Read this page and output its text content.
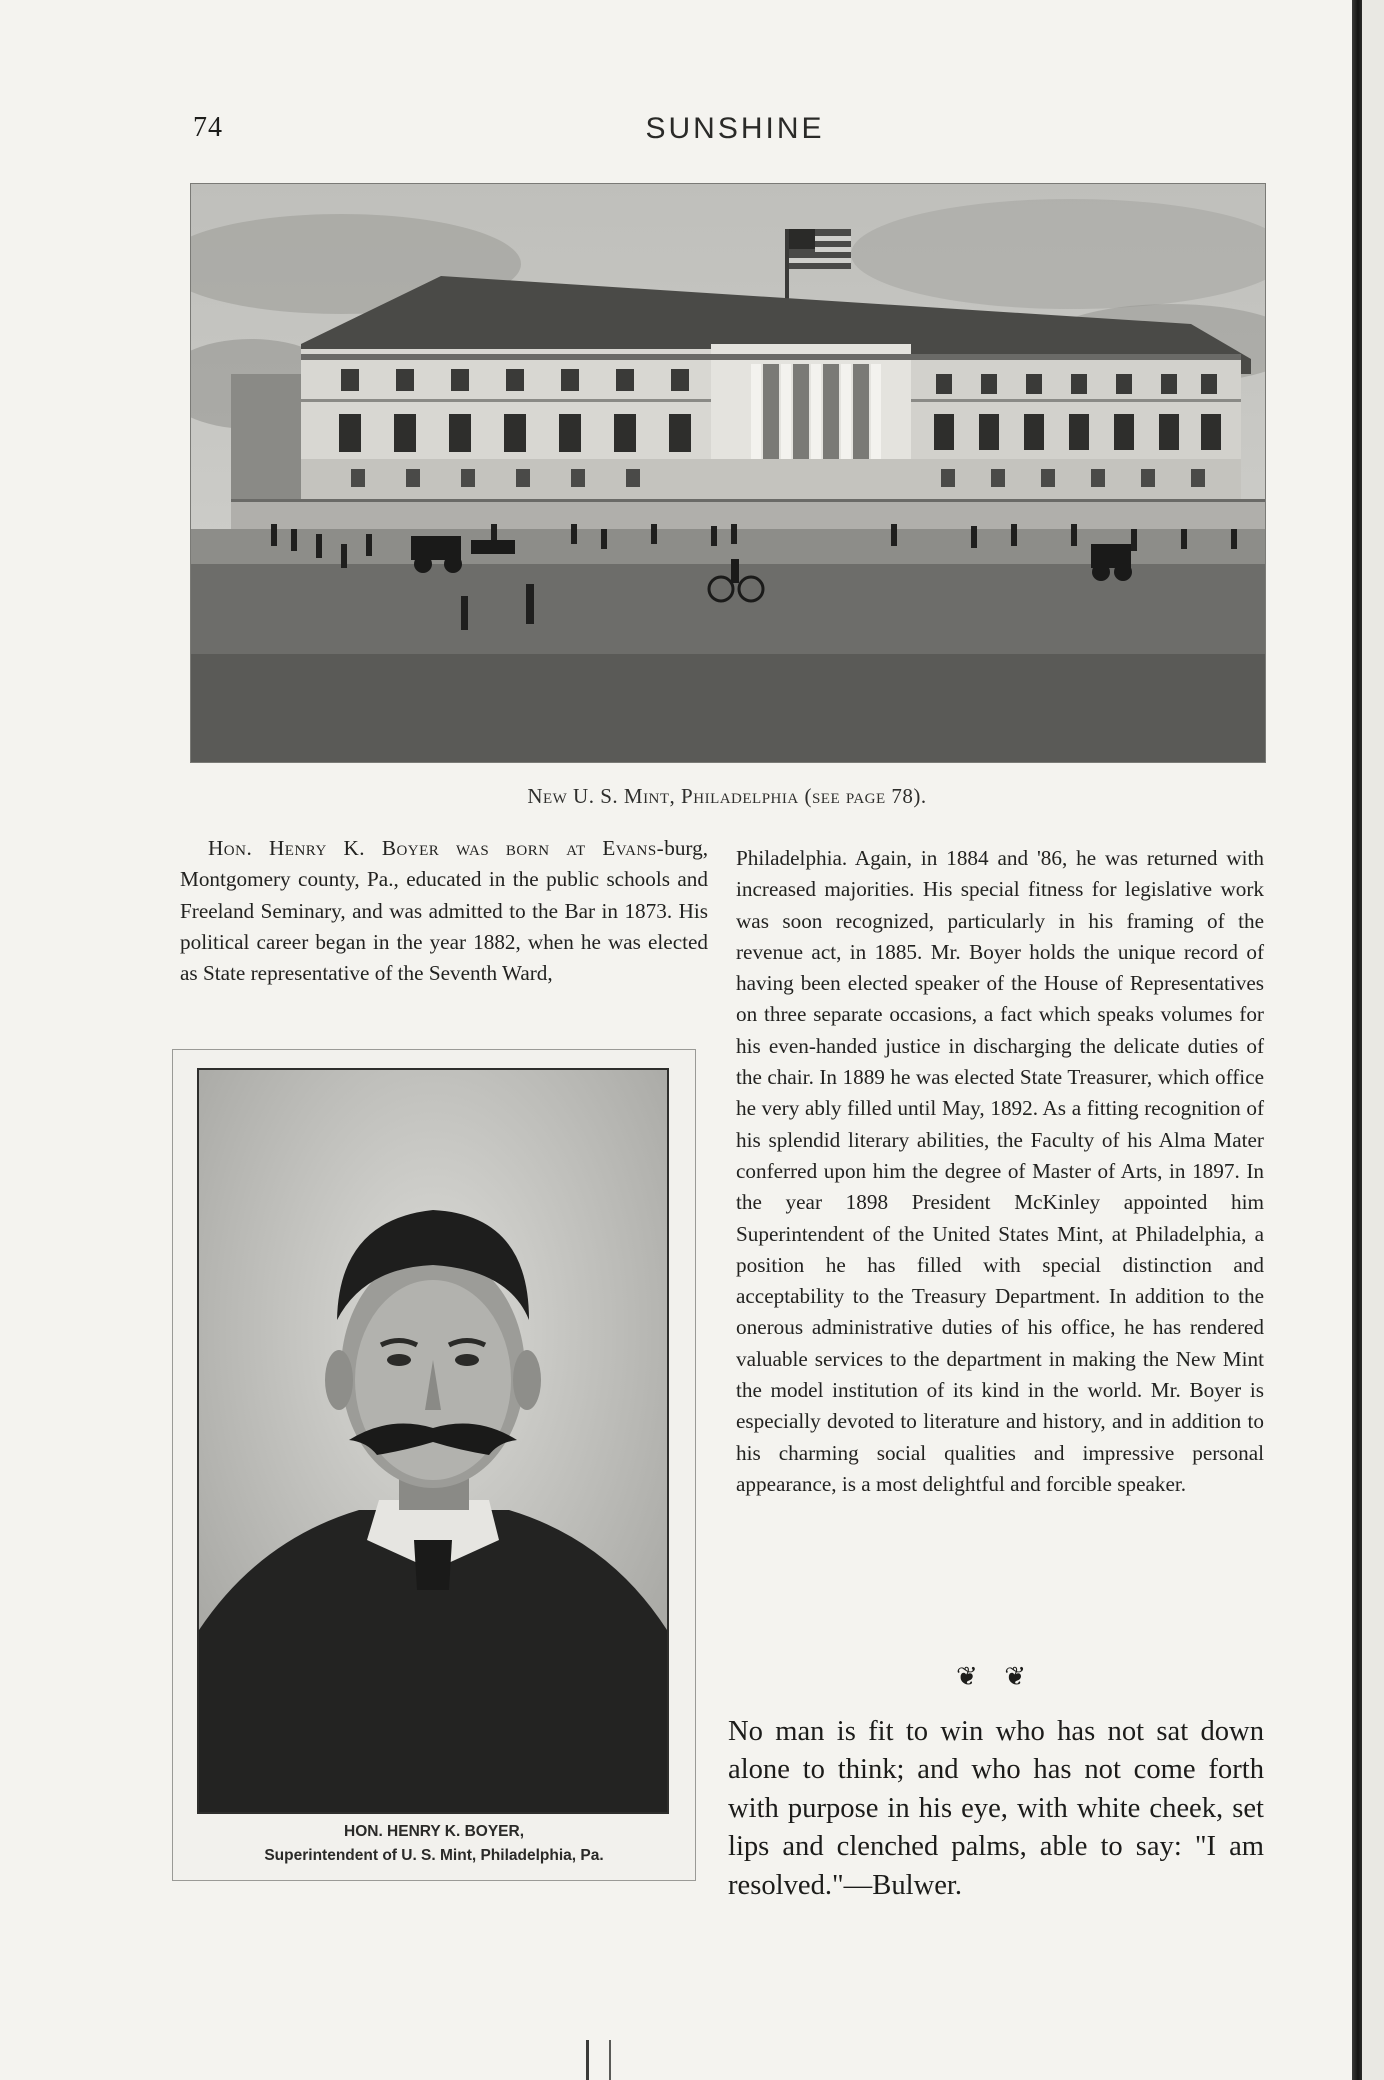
74	SUNSHINE
New U. S. Mint, Philadelphia (see page 78).

Hon. Henry K. Boyer was born at Evans-burg, Montgomery county, Pa., educated in the public schools and Freeland Seminary, and was admitted to the Bar in 1873. His political career began in the year 1882, when he was elected as State representative of the Seventh Ward,

HON. HENRY K. BOYER,
Superintendent of U. S. Mint, Philadelphia, Pa.

Philadelphia. Again, in 1884 and '86, he was returned with increased majorities. His special fitness for legislative work was soon recognized, particularly in his framing of the revenue act, in 1885. Mr. Boyer holds the unique record of having been elected speaker of the House of Representatives on three separate occasions, a fact which speaks volumes for his even-handed justice in discharging the delicate duties of the chair. In 1889 he was elected State Treasurer, which office he very ably filled until May, 1892. As a fitting recognition of his splendid literary abilities, the Faculty of his Alma Mater conferred upon him the degree of Master of Arts, in 1897. In the year 1898 President McKinley appointed him Superintendent of the United States Mint, at Philadelphia, a position he has filled with special distinction and acceptability to the Treasury Department. In addition to the onerous administrative duties of his office, he has rendered valuable services to the department in making the New Mint the model institution of its kind in the world. Mr. Boyer is especially devoted to literature and history, and in addition to his charming social qualities and impressive personal appearance, is a most delightful and forcible speaker.

❦ ❦

No man is fit to win who has not sat down alone to think; and who has not come forth with purpose in his eye, with white cheek, set lips and clenched palms, able to say: "I am resolved."—Bulwer.
